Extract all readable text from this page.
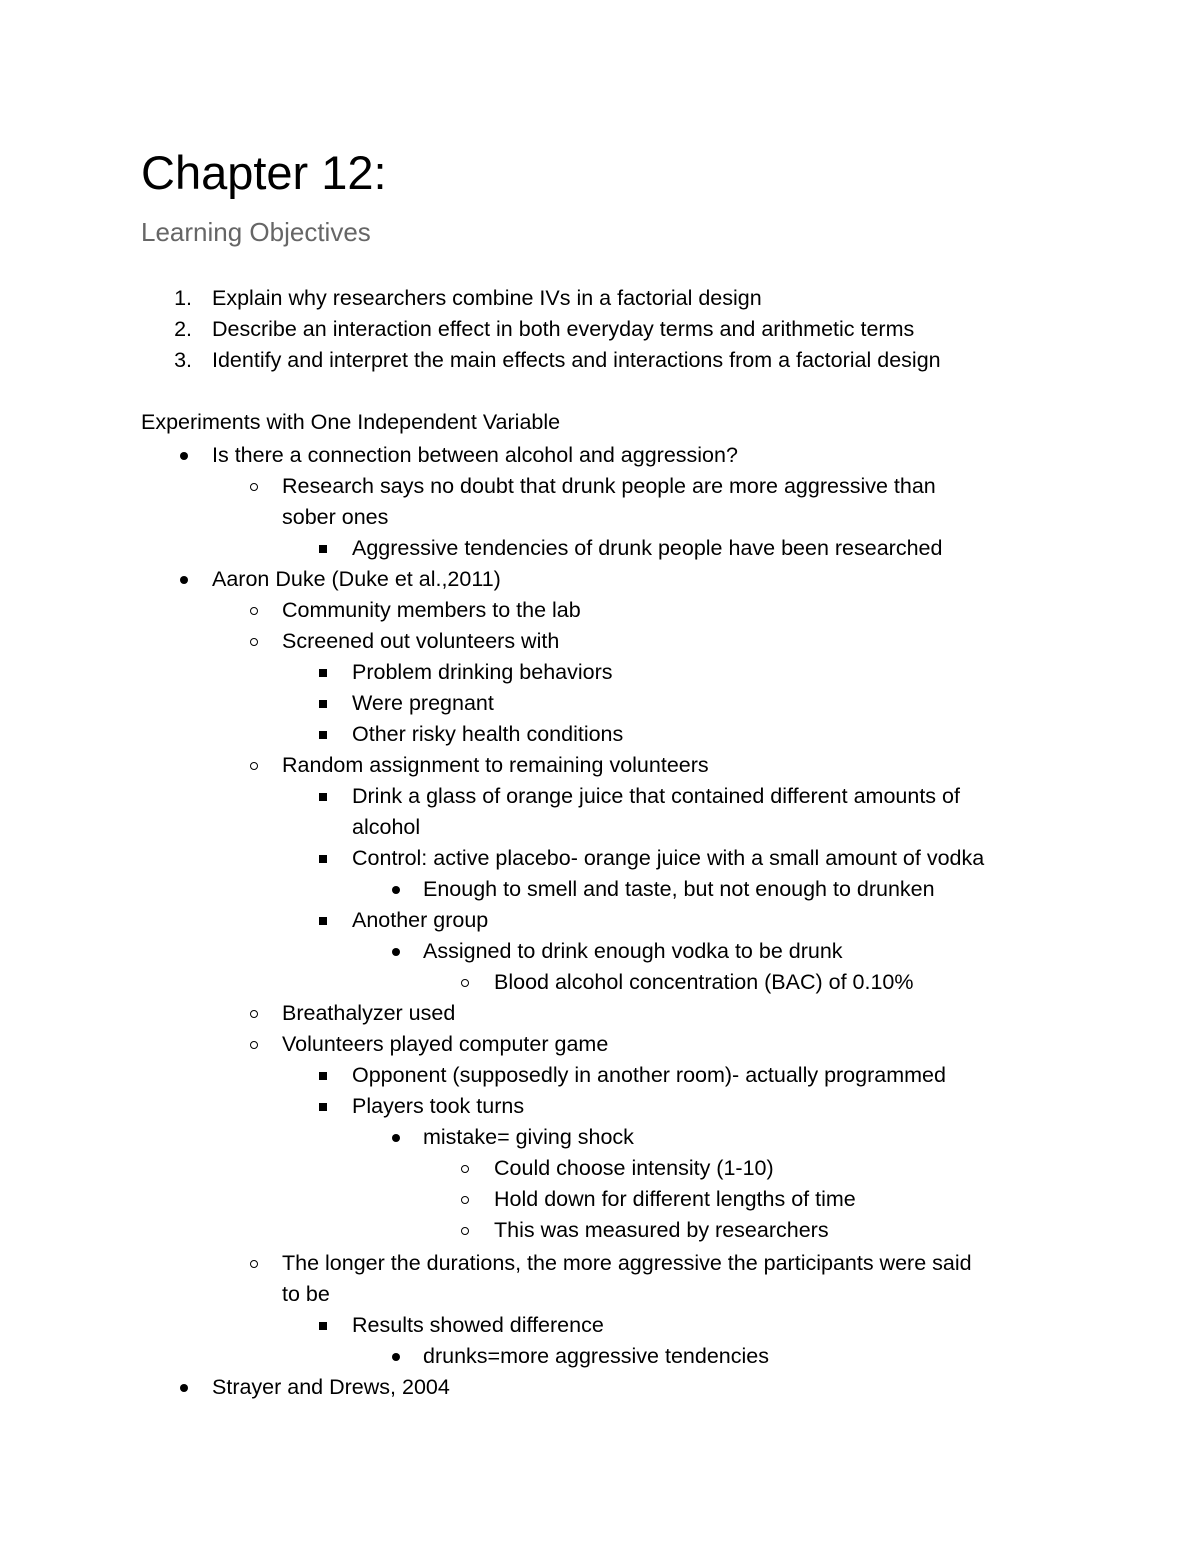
Chapter 12:
Learning Objectives
1. Explain why researchers combine IVs in a factorial design
2. Describe an interaction effect in both everyday terms and arithmetic terms
3. Identify and interpret the main effects and interactions from a factorial design
Experiments with One Independent Variable
Is there a connection between alcohol and aggression?
Research says no doubt that drunk people are more aggressive than
sober ones
Aggressive tendencies of drunk people have been researched
Aaron Duke (Duke et al.,2011)
Community members to the lab
Screened out volunteers with
Problem drinking behaviors
Were pregnant
Other risky health conditions
Random assignment to remaining volunteers
Drink a glass of orange juice that contained different amounts of
alcohol
Control: active placebo- orange juice with a small amount of vodka
Enough to smell and taste, but not enough to drunken
Another group
Assigned to drink enough vodka to be drunk
Blood alcohol concentration (BAC) of 0.10%
Breathalyzer used
Volunteers played computer game
Opponent (supposedly in another room)- actually programmed
Players took turns
mistake= giving shock
Could choose intensity (1-10)
Hold down for different lengths of time
This was measured by researchers
The longer the durations, the more aggressive the participants were said
to be
Results showed difference
drunks=more aggressive tendencies
Strayer and Drews, 2004
